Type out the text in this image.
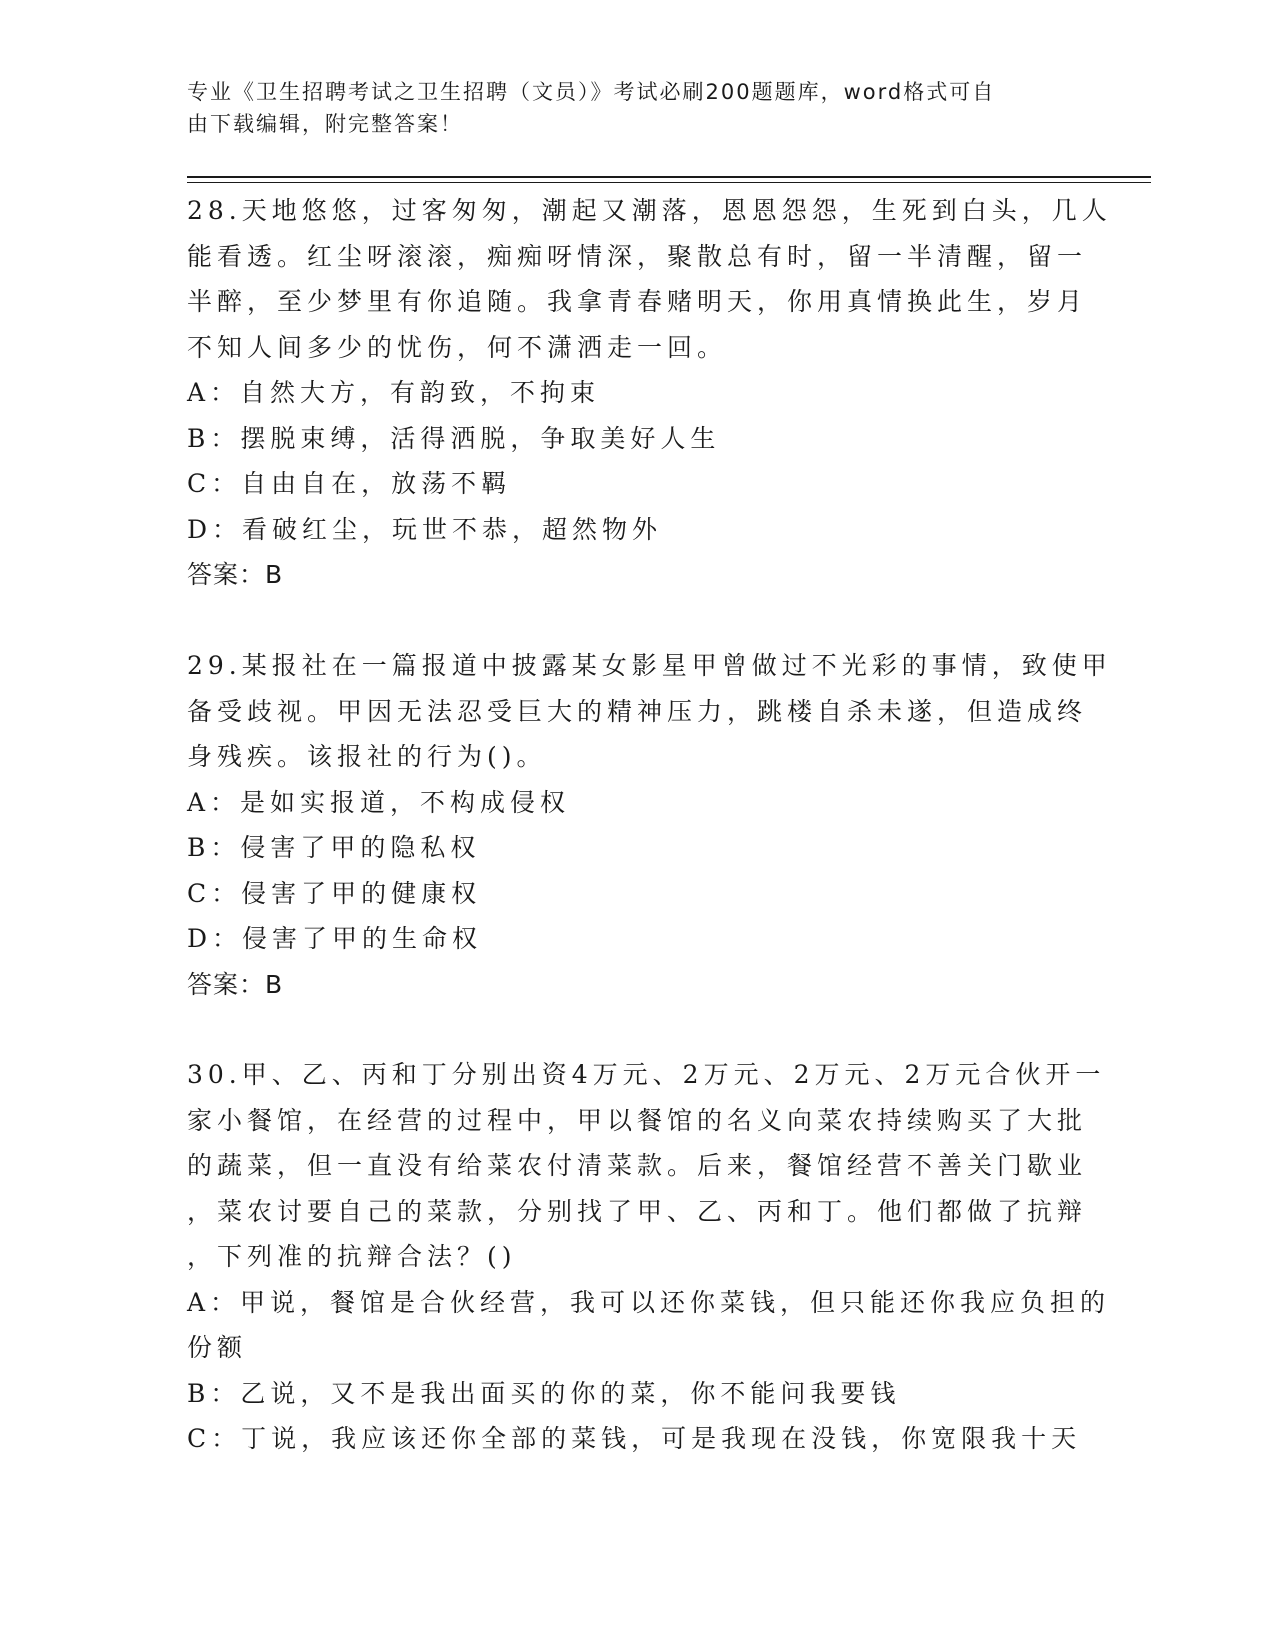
专业《卫生招聘考试之卫生招聘（文员）》考试必刷200题题库，word格式可自
由下载编辑，附完整答案！
28.天地悠悠，过客匆匆，潮起又潮落，恩恩怨怨，生死到白头，几人
能看透。红尘呀滚滚，痴痴呀情深，聚散总有时，留一半清醒，留一
半醉，至少梦里有你追随。我拿青春赌明天，你用真情换此生，岁月
不知人间多少的忧伤，何不潇洒走一回。
A：自然大方，有韵致，不拘束
B：摆脱束缚，活得洒脱，争取美好人生
C：自由自在，放荡不羁
D：看破红尘，玩世不恭，超然物外
答案：B
29.某报社在一篇报道中披露某女影星甲曾做过不光彩的事情，致使甲
备受歧视。甲因无法忍受巨大的精神压力，跳楼自杀未遂，但造成终
身残疾。该报社的行为()。
A：是如实报道，不构成侵权
B：侵害了甲的隐私权
C：侵害了甲的健康权
D：侵害了甲的生命权
答案：B
30.甲、乙、丙和丁分别出资4万元、2万元、2万元、2万元合伙开一
家小餐馆，在经营的过程中，甲以餐馆的名义向菜农持续购买了大批
的蔬菜，但一直没有给菜农付清菜款。后来，餐馆经营不善关门歇业
，菜农讨要自己的菜款，分别找了甲、乙、丙和丁。他们都做了抗辩
，下列准的抗辩合法？()
A：甲说，餐馆是合伙经营，我可以还你菜钱，但只能还你我应负担的
份额
B：乙说，又不是我出面买的你的菜，你不能问我要钱
C：丁说，我应该还你全部的菜钱，可是我现在没钱，你宽限我十天
